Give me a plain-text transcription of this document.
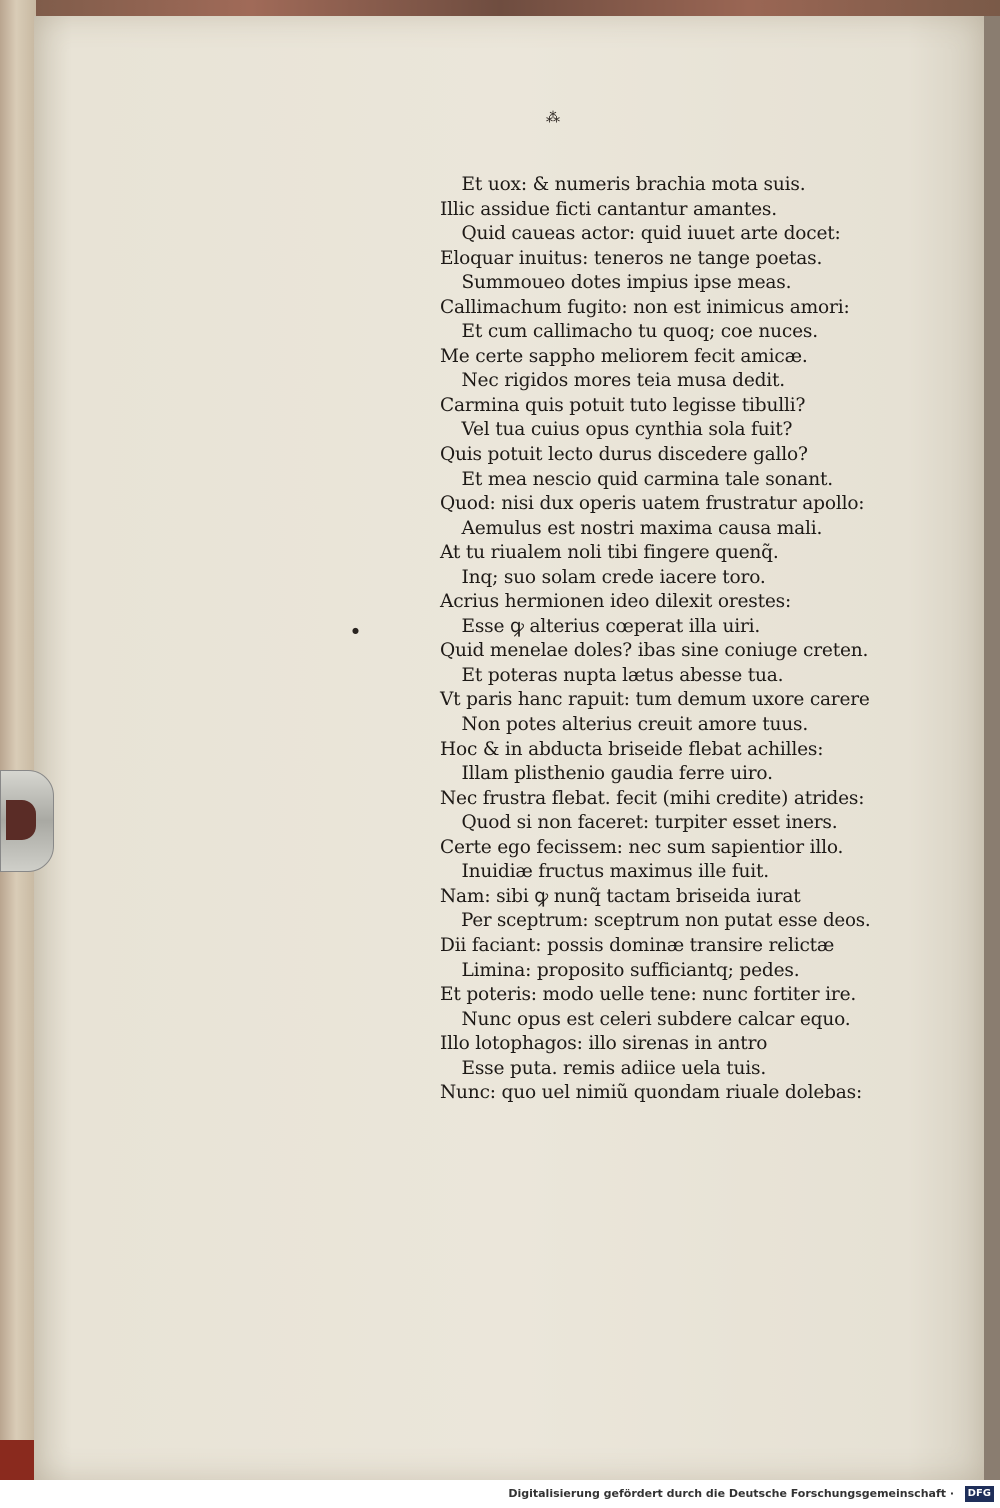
⁂
●
Et uox: & numeris brachia mota suis.
Illic assidue ficti cantantur amantes.
Quid caueas actor: quid iuuet arte docet:
Eloquar inuitus: teneros ne tange poetas.
Summoueo dotes impius ipse meas.
Callimachum fugito: non est inimicus amori:
Et cum callimacho tu quoq; coe nuces.
Me certe sappho meliorem fecit amicæ.
Nec rigidos mores teia musa dedit.
Carmina quis potuit tuto legisse tibulli?
Vel tua cuius opus cynthia sola fuit?
Quis potuit lecto durus discedere gallo?
Et mea nescio quid carmina tale sonant.
Quod: nisi dux operis uatem frustratur apollo:
Aemulus est nostri maxima causa mali.
At tu riualem noli tibi fingere quenq̃.
Inq; suo solam crede iacere toro.
Acrius hermionen ideo dilexit orestes:
Esse ꝙ alterius cœperat illa uiri.
Quid menelae doles? ibas sine coniuge creten.
Et poteras nupta lætus abesse tua.
Vt paris hanc rapuit: tum demum uxore carere
Non potes alterius creuit amore tuus.
Hoc & in abducta briseide flebat achilles:
Illam plisthenio gaudia ferre uiro.
Nec frustra flebat. fecit (mihi credite) atrides:
Quod si non faceret: turpiter esset iners.
Certe ego fecissem: nec sum sapientior illo.
Inuidiæ fructus maximus ille fuit.
Nam: sibi ꝙ nunq̃ tactam briseida iurat
Per sceptrum: sceptrum non putat esse deos.
Dii faciant: possis dominæ transire relictæ
Limina: proposito sufficiantq; pedes.
Et poteris: modo uelle tene: nunc fortiter ire.
Nunc opus est celeri subdere calcar equo.
Illo lotophagos: illo sirenas in antro
Esse puta. remis adiice uela tuis.
Nunc: quo uel nimiũ quondam riuale dolebas:
Digitalisierung gefördert durch die Deutsche Forschungsgemeinschaft ·	DFG
